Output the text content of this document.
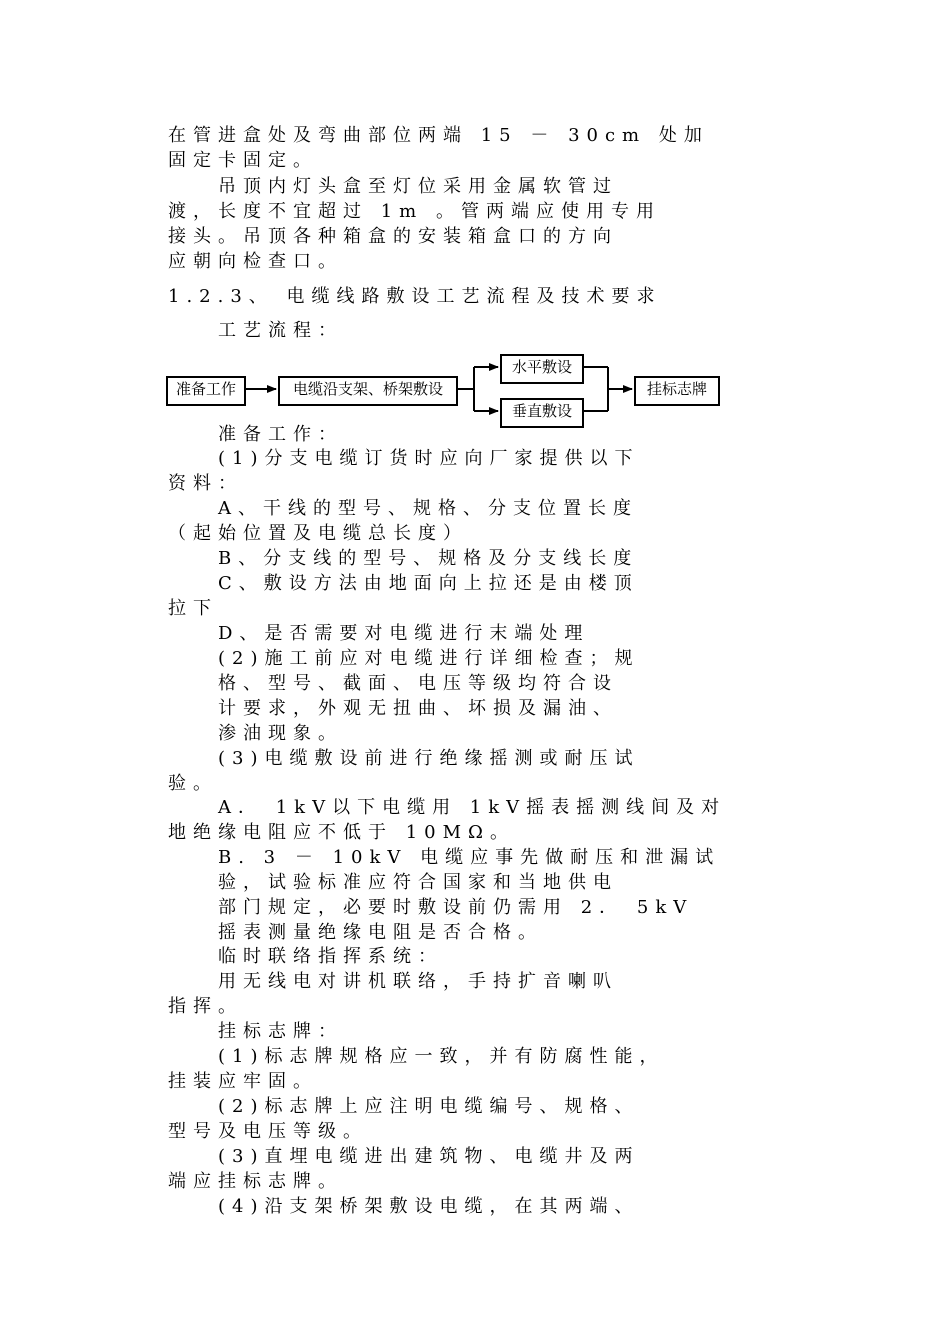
在管进盒处及弯曲部位两端 15 － 30cm 处加
固定卡固定。
吊顶内灯头盒至灯位采用金属软管过
渡，长度不宜超过 1m 。管两端应使用专用
接头。吊顶各种箱盒的安装箱盒口的方向
应朝向检查口。
1.2.3、 电缆线路敷设工艺流程及技术要求
工艺流程：
准备工作	电缆沿支架、桥架敷设
水平敷设
垂直敷设
挂标志牌
准备工作：
(1)分支电缆订货时应向厂家提供以下
资料：
A、干线的型号、规格、分支位置长度
（起始位置及电缆总长度）
B、分支线的型号、规格及分支线长度
C、敷设方法由地面向上拉还是由楼顶
拉下
D、是否需要对电缆进行末端处理
(2)施工前应对电缆进行详细检查；规
格、型号、截面、电压等级均符合设
计要求，外观无扭曲、坏损及漏油、
渗油现象。
(3)电缆敷设前进行绝缘摇测或耐压试
验。
A． 1kV以下电缆用 1kV摇表摇测线间及对
地绝缘电阻应不低于 10MΩ。
B. 3 － 10kV 电缆应事先做耐压和泄漏试
验，试验标准应符合国家和当地供电
部门规定，必要时敷设前仍需用 2． 5kV
摇表测量绝缘电阻是否合格。
临时联络指挥系统：
用无线电对讲机联络，手持扩音喇叭
指挥。
挂标志牌：
(1)标志牌规格应一致，并有防腐性能，
挂装应牢固。
(2)标志牌上应注明电缆编号、规格、
型号及电压等级。
(3)直埋电缆进出建筑物、电缆井及两
端应挂标志牌。
(4)沿支架桥架敷设电缆，在其两端、
